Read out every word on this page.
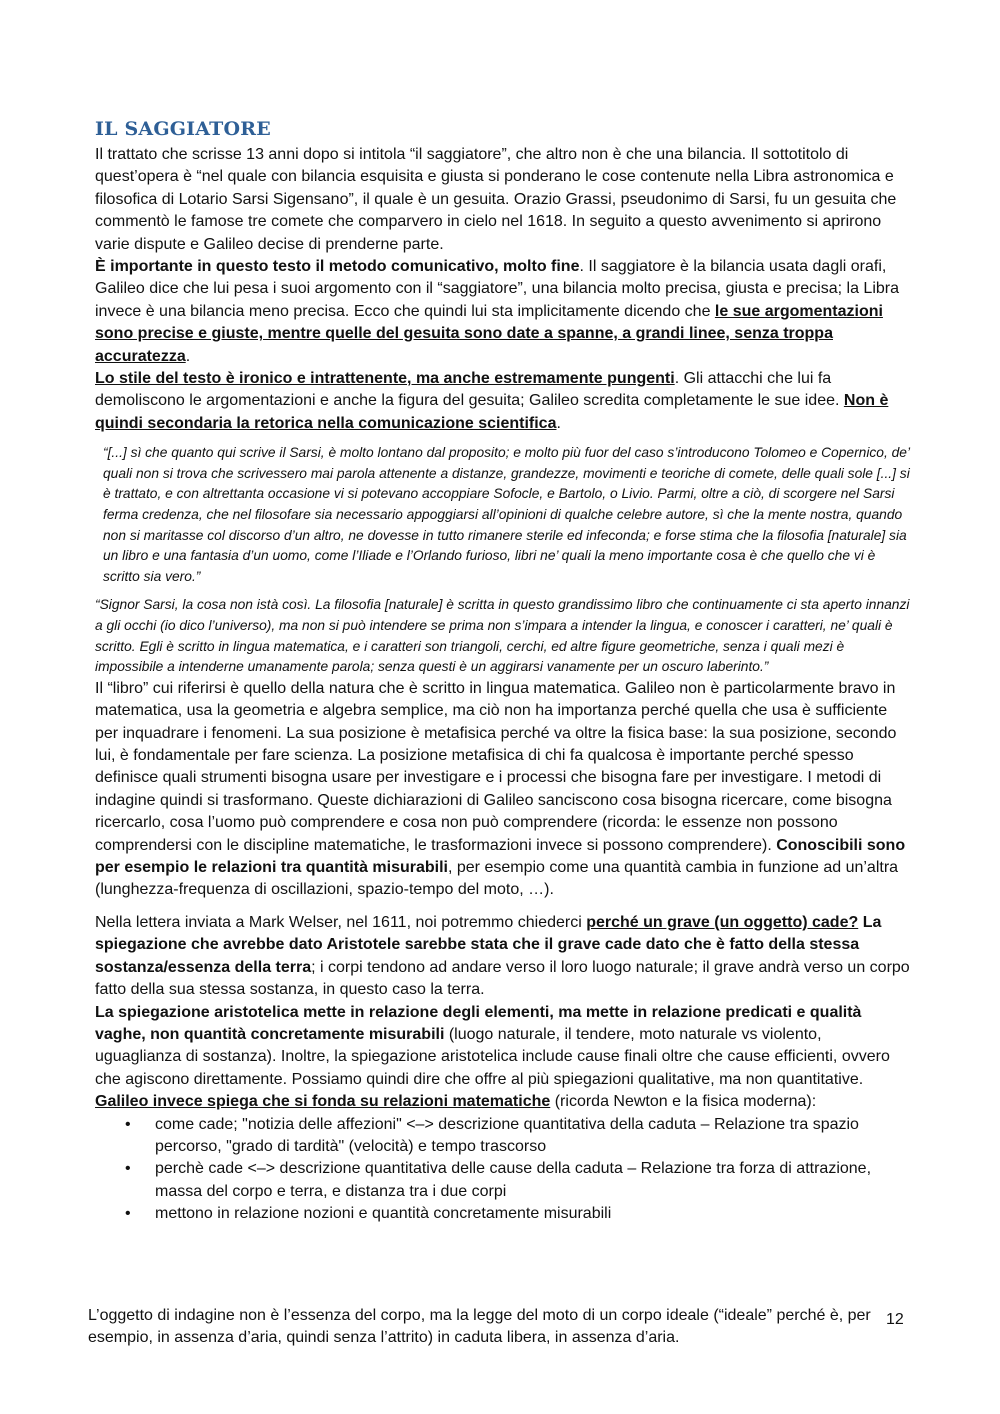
IL SAGGIATORE

Il trattato che scrisse 13 anni dopo si intitola “il saggiatore”, che altro non è che una bilancia. Il sottotitolo di quest’opera è “nel quale con bilancia esquisita e giusta si ponderano le cose contenute nella Libra astronomica e filosofica di Lotario Sarsi Sigensano”, il quale è un gesuita. Orazio Grassi, pseudonimo di Sarsi, fu un gesuita che commentò le famose tre comete che comparvero in cielo nel 1618. In seguito a questo avvenimento si aprirono varie dispute e Galileo decise di prenderne parte.

È importante in questo testo il metodo comunicativo, molto fine. Il saggiatore è la bilancia usata dagli orafi, Galileo dice che lui pesa i suoi argomento con il “saggiatore”, una bilancia molto precisa, giusta e precisa; la Libra invece è una bilancia meno precisa. Ecco che quindi lui sta implicitamente dicendo che le sue argomentazioni sono precise e giuste, mentre quelle del gesuita sono date a spanne, a grandi linee, senza troppa accuratezza.

Lo stile del testo è ironico e intrattenente, ma anche estremamente pungenti. Gli attacchi che lui fa demoliscono le argomentazioni e anche la figura del gesuita; Galileo scredita completamente le sue idee. Non è quindi secondaria la retorica nella comunicazione scientifica.

“[...] sì che quanto qui scrive il Sarsi, è molto lontano dal proposito; e molto più fuor del caso s’introducono Tolomeo e Copernico, de’ quali non si trova che scrivessero mai parola attenente a distanze, grandezze, movimenti e teoriche di comete, delle quali sole [...] si è trattato, e con altrettanta occasione vi si potevano accoppiare Sofocle, e Bartolo, o Livio. Parmi, oltre a ciò, di scorgere nel Sarsi ferma credenza, che nel filosofare sia necessario appoggiarsi all’opinioni di qualche celebre autore, sì che la mente nostra, quando non si maritasse col discorso d’un altro, ne dovesse in tutto rimanere sterile ed infeconda; e forse stima che la filosofia [naturale] sia un libro e una fantasia d’un uomo, come l’Iliade e l’Orlando furioso, libri ne’ quali la meno importante cosa è che quello che vi è scritto sia vero.”

“Signor Sarsi, la cosa non istà così. La filosofia [naturale] è scritta in questo grandissimo libro che continuamente ci sta aperto innanzi a gli occhi (io dico l’universo), ma non si può intendere se prima non s’impara a intender la lingua, e conoscer i caratteri, ne’ quali è scritto. Egli è scritto in lingua matematica, e i caratteri son triangoli, cerchi, ed altre figure geometriche, senza i quali mezi è impossibile a intenderne umanamente parola; senza questi è un aggirarsi vanamente per un oscuro laberinto.”

Il “libro” cui riferirsi è quello della natura che è scritto in lingua matematica. Galileo non è particolarmente bravo in matematica, usa la geometria e algebra semplice, ma ciò non ha importanza perché quella che usa è sufficiente per inquadrare i fenomeni. La sua posizione è metafisica perché va oltre la fisica base: la sua posizione, secondo lui, è fondamentale per fare scienza. La posizione metafisica di chi fa qualcosa è importante perché spesso definisce quali strumenti bisogna usare per investigare e i processi che bisogna fare per investigare. I metodi di indagine quindi si trasformano. Queste dichiarazioni di Galileo sanciscono cosa bisogna ricercare, come bisogna ricercarlo, cosa l’uomo può comprendere e cosa non può comprendere (ricorda: le essenze non possono comprendersi con le discipline matematiche, le trasformazioni invece si possono comprendere). Conoscibili sono per esempio le relazioni tra quantità misurabili, per esempio come una quantità cambia in funzione ad un’altra (lunghezza-frequenza di oscillazioni, spazio-tempo del moto, …).

Nella lettera inviata a Mark Welser, nel 1611, noi potremmo chiederci perché un grave (un oggetto) cade? La spiegazione che avrebbe dato Aristotele sarebbe stata che il grave cade dato che è fatto della stessa sostanza/essenza della terra; i corpi tendono ad andare verso il loro luogo naturale; il grave andrà verso un corpo fatto della sua stessa sostanza, in questo caso la terra.

La spiegazione aristotelica mette in relazione degli elementi, ma mette in relazione predicati e qualità vaghe, non quantità concretamente misurabili (luogo naturale, il tendere, moto naturale vs violento, uguaglianza di sostanza). Inoltre, la spiegazione aristotelica include cause finali oltre che cause efficienti, ovvero che agiscono direttamente. Possiamo quindi dire che offre al più spiegazioni qualitative, ma non quantitative.

Galileo invece spiega che si fonda su relazioni matematiche (ricorda Newton e la fisica moderna):

• come cade; "notizia delle affezioni" <–> descrizione quantitativa della caduta – Relazione tra spazio percorso, "grado di tardità" (velocità) e tempo trascorso
• perchè cade <–> descrizione quantitativa delle cause della caduta – Relazione tra forza di attrazione, massa del corpo e terra, e distanza tra i due corpi
• mettono in relazione nozioni e quantità concretamente misurabili

L’oggetto di indagine non è l’essenza del corpo, ma la legge del moto di un corpo ideale (“ideale” perché è, per esempio, in assenza d’aria, quindi senza l’attrito) in caduta libera, in assenza d’aria.

12
